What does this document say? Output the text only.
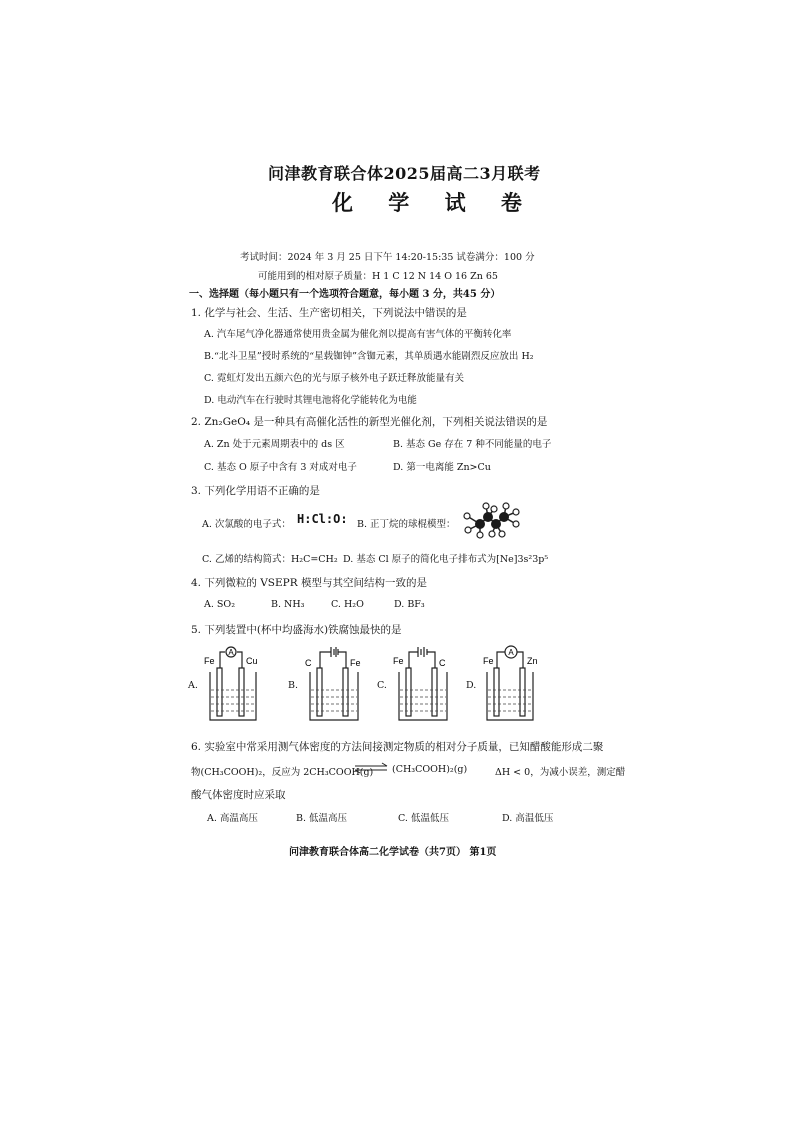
问津教育联合体2025届高二3月联考
化 学 试 卷
考试时间：2024 年 3 月 25 日下午 14:20-15:35 试卷满分：100 分
可能用到的相对原子质量：H 1 C 12 N 14 O 16 Zn 65
一、选择题（每小题只有一个选项符合题意，每小题 3 分，共45 分）
1. 化学与社会、生活、生产密切相关，下列说法中错误的是
A. 汽车尾气净化器通常使用贵金属为催化剂以提高有害气体的平衡转化率
B.“北斗卫星”授时系统的“星载铷钟”含铷元素，其单质遇水能剧烈反应放出 H₂
C. 霓虹灯发出五颜六色的光与原子核外电子跃迁释放能量有关
D. 电动汽车在行驶时其锂电池将化学能转化为电能
2. Zn₂GeO₄ 是一种具有高催化活性的新型光催化剂，下列相关说法错误的是
A. Zn 处于元素周期表中的 ds 区	B. 基态 Ge 存在 7 种不同能量的电子
C. 基态 O 原子中含有 3 对成对电子	D. 第一电离能 Zn>Cu
3. 下列化学用语不正确的是
A. 次氯酸的电子式： H:Cl:O: B. 正丁烷的球棍模型：
C. 乙烯的结构简式：H₂C=CH₂ D. 基态 Cl 原子的简化电子排布式为[Ne]3s²3p⁵
4. 下列微粒的 VSEPR 模型与其空间结构一致的是
A. SO₂	B. NH₃	C. H₂O	D. BF₃
5. 下列装置中(杯中均盛海水)铁腐蚀最快的是
A.
A
Fe	Cu
B.
C	Fe
C.
Fe	C
D.
A
Fe	Zn
6. 实验室中常采用测气体密度的方法间接测定物质的相对分子质量，已知醋酸能形成二聚
物(CH₃COOH)₂，反应为 2CH₃COOH(g) ⇌ (CH₃COOH)₂(g)	ΔH < 0，为减小误差，测定醋
酸气体密度时应采取
A. 高温高压	B. 低温高压	C. 低温低压	D. 高温低压
问津教育联合体高二化学试卷（共7页） 第1页
